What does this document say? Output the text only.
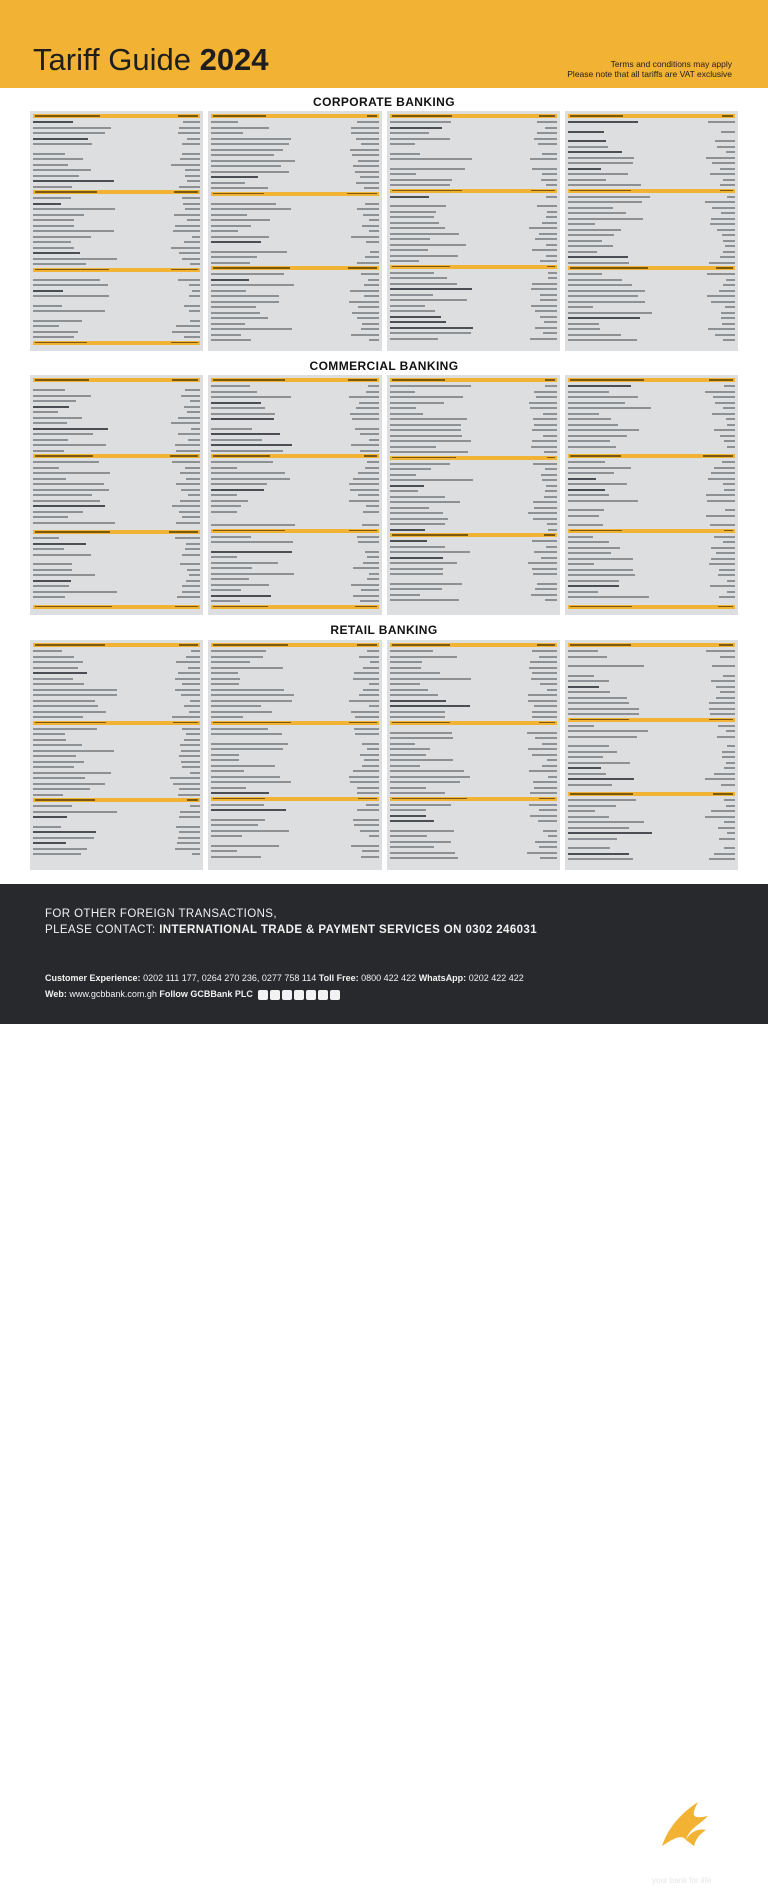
Tariff Guide 2024	Terms and conditions may apply
Please note that all tariffs are VAT exclusive
CORPORATE BANKING
COMMERCIAL BANKING
RETAIL BANKING
FOR OTHER FOREIGN TRANSACTIONS,
PLEASE CONTACT: INTERNATIONAL TRADE & PAYMENT SERVICES ON 0302 246031
Customer Experience: 0202 111 177, 0264 270 236, 0277 758 114 Toll Free: 0800 422 422 WhatsApp: 0202 422 422
Web: www.gcbbank.com.gh Follow GCBBank PLC
GCB
your bank for life
